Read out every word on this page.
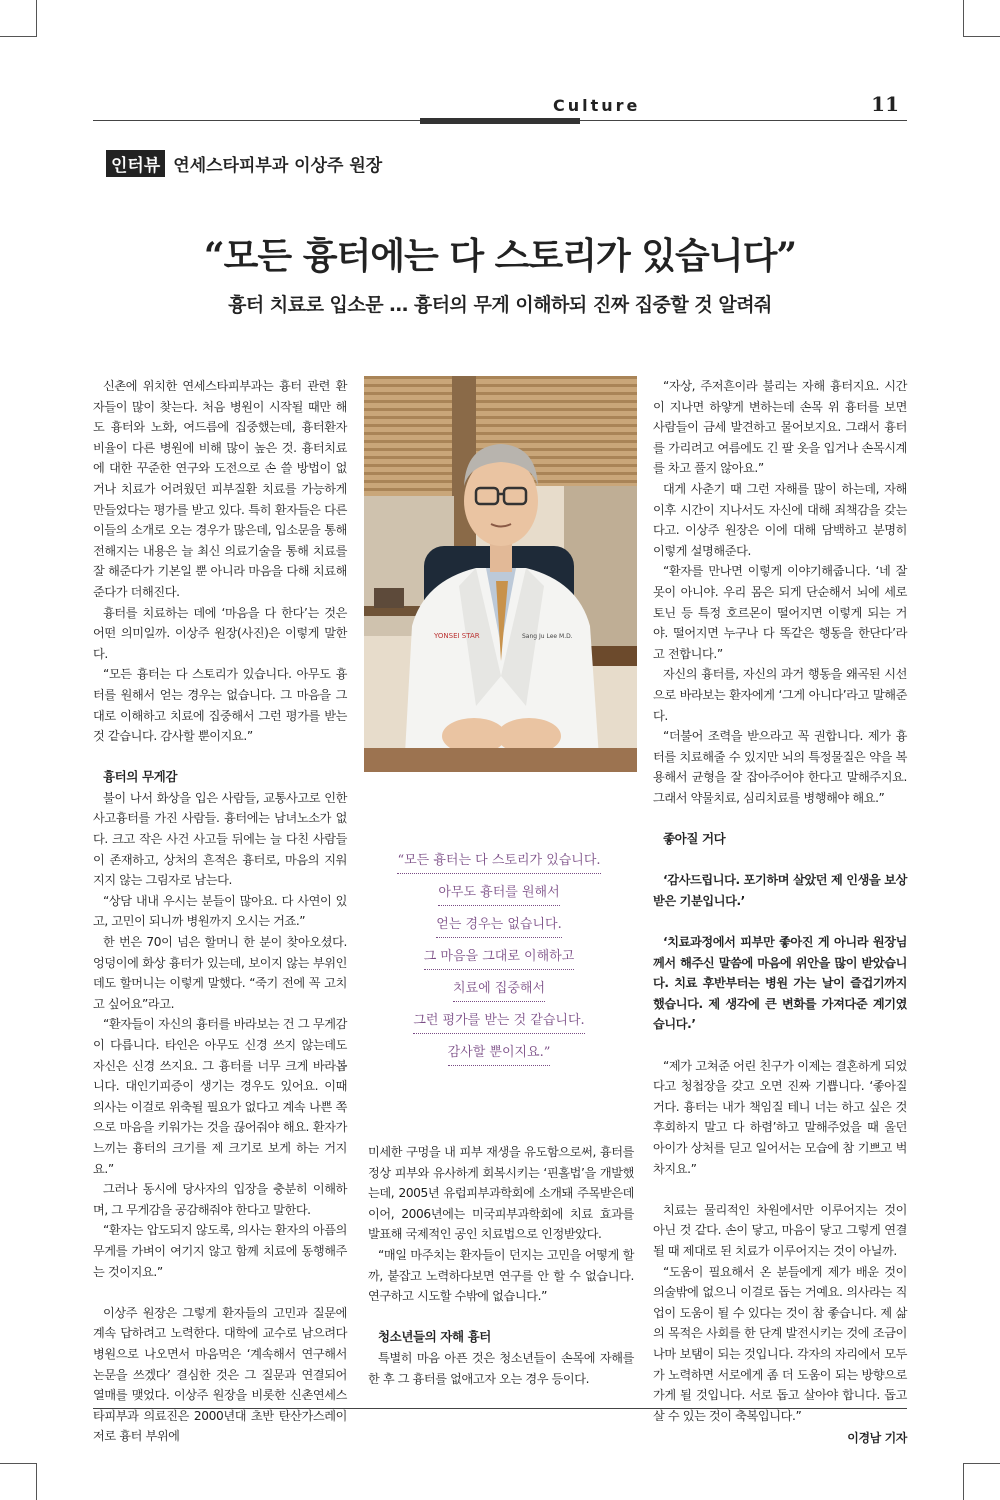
Culture	11
인터뷰 연세스타피부과 이상주 원장
“모든 흉터에는 다 스토리가 있습니다”
흉터 치료로 입소문 … 흉터의 무게 이해하되 진짜 집중할 것 알려줘

신촌에 위치한 연세스타피부과는 흉터 관련 환자들이 많이 찾는다. 처음 병원이 시작될 때만 해도 흉터와 노화, 여드름에 집중했는데, 흉터환자 비율이 다른 병원에 비해 많이 높은 것. 흉터치료에 대한 꾸준한 연구와 도전으로 손 쓸 방법이 없거나 치료가 어려웠던 피부질환 치료를 가능하게 만들었다는 평가를 받고 있다. 특히 환자들은 다른 이들의 소개로 오는 경우가 많은데, 입소문을 통해 전해지는 내용은 늘 최신 의료기술을 통해 치료를 잘 해준다가 기본일 뿐 아니라 마음을 다해 치료해 준다가 더해진다.

흉터를 치료하는 데에 ‘마음을 다 한다’는 것은 어떤 의미일까. 이상주 원장(사진)은 이렇게 말한다.

“모든 흉터는 다 스토리가 있습니다. 아무도 흉터를 원해서 얻는 경우는 없습니다. 그 마음을 그대로 이해하고 치료에 집중해서 그런 평가를 받는 것 같습니다. 감사할 뿐이지요.”

흉터의 무게감

불이 나서 화상을 입은 사람들, 교통사고로 인한 사고흉터를 가진 사람들. 흉터에는 남녀노소가 없다. 크고 작은 사건 사고들 뒤에는 늘 다친 사람들이 존재하고, 상처의 흔적은 흉터로, 마음의 지워지지 않는 그림자로 남는다.

“상담 내내 우시는 분들이 많아요. 다 사연이 있고, 고민이 되니까 병원까지 오시는 거죠.”

한 번은 70이 넘은 할머니 한 분이 찾아오셨다. 엉덩이에 화상 흉터가 있는데, 보이지 않는 부위인데도 할머니는 이렇게 말했다. “죽기 전에 꼭 고치고 싶어요”라고.

“환자들이 자신의 흉터를 바라보는 건 그 무게감이 다릅니다. 타인은 아무도 신경 쓰지 않는데도 자신은 신경 쓰지요. 그 흉터를 너무 크게 바라봅니다. 대인기피증이 생기는 경우도 있어요. 이때 의사는 이걸로 위축될 필요가 없다고 계속 나쁜 쪽으로 마음을 키워가는 것을 끊어줘야 해요. 환자가 느끼는 흉터의 크기를 제 크기로 보게 하는 거지요.”

그러나 동시에 당사자의 입장을 충분히 이해하며, 그 무게감을 공감해줘야 한다고 말한다.

“환자는 압도되지 않도록, 의사는 환자의 아픔의 무게를 가벼이 여기지 않고 함께 치료에 동행해주는 것이지요.”

이상주 원장은 그렇게 환자들의 고민과 질문에 계속 답하려고 노력한다. 대학에 교수로 남으려다 병원으로 나오면서 마음먹은 ‘계속해서 연구해서 논문을 쓰겠다’ 결심한 것은 그 질문과 연결되어 열매를 맺었다. 이상주 원장을 비롯한 신촌연세스타피부과 의료진은 2000년대 초반 탄산가스레이저로 흉터 부위에

YONSEI STAR	Sang Ju Lee M.D.
“모든 흉터는 다 스토리가 있습니다.
아무도 흉터를 원해서
얻는 경우는 없습니다.
그 마음을 그대로 이해하고
치료에 집중해서
그런 평가를 받는 것 같습니다.
감사할 뿐이지요.”

미세한 구멍을 내 피부 재생을 유도함으로써, 흉터를 정상 피부와 유사하게 회복시키는 ‘핀홀법’을 개발했는데, 2005년 유럽피부과학회에 소개돼 주목받은데 이어, 2006년에는 미국피부과학회에 치료 효과를 발표해 국제적인 공인 치료법으로 인정받았다.

“매일 마주치는 환자들이 던지는 고민을 어떻게 할까, 붙잡고 노력하다보면 연구를 안 할 수 없습니다. 연구하고 시도할 수밖에 없습니다.”

청소년들의 자해 흉터

특별히 마음 아픈 것은 청소년들이 손목에 자해를 한 후 그 흉터를 없애고자 오는 경우 등이다.

“자상, 주저흔이라 불리는 자해 흉터지요. 시간이 지나면 하얗게 변하는데 손목 위 흉터를 보면 사람들이 금세 발견하고 물어보지요. 그래서 흉터를 가리려고 여름에도 긴 팔 옷을 입거나 손목시계를 차고 풀지 않아요.”

대게 사춘기 때 그런 자해를 많이 하는데, 자해 이후 시간이 지나서도 자신에 대해 죄책감을 갖는다고. 이상주 원장은 이에 대해 담백하고 분명히 이렇게 설명해준다.

“환자를 만나면 이렇게 이야기해줍니다. ‘네 잘못이 아니야. 우리 몸은 되게 단순해서 뇌에 세로토닌 등 특정 호르몬이 떨어지면 이렇게 되는 거야. 떨어지면 누구나 다 똑같은 행동을 한단다’라고 전합니다.”

자신의 흉터를, 자신의 과거 행동을 왜곡된 시선으로 바라보는 환자에게 ‘그게 아니다’라고 말해준다.

“더불어 조력을 받으라고 꼭 권합니다. 제가 흉터를 치료해줄 수 있지만 뇌의 특정물질은 약을 복용해서 균형을 잘 잡아주어야 한다고 말해주지요. 그래서 약물치료, 심리치료를 병행해야 해요.”

좋아질 거다

‘감사드립니다. 포기하며 살았던 제 인생을 보상받은 기분입니다.’

‘치료과정에서 피부만 좋아진 게 아니라 원장님께서 해주신 말씀에 마음에 위안을 많이 받았습니다. 치료 후반부터는 병원 가는 날이 즐겁기까지 했습니다. 제 생각에 큰 변화를 가져다준 계기였습니다.’

“제가 고쳐준 어린 친구가 이제는 결혼하게 되었다고 청첩장을 갖고 오면 진짜 기쁩니다. ‘좋아질 거다. 흉터는 내가 책임질 테니 너는 하고 싶은 것 후회하지 말고 다 하렴’하고 말해주었을 때 울던 아이가 상처를 딛고 일어서는 모습에 참 기쁘고 벅차지요.”

치료는 물리적인 차원에서만 이루어지는 것이 아닌 것 같다. 손이 닿고, 마음이 닿고 그렇게 연결될 때 제대로 된 치료가 이루어지는 것이 아닐까.

“도움이 필요해서 온 분들에게 제가 배운 것이 의술밖에 없으니 이걸로 돕는 거예요. 의사라는 직업이 도움이 될 수 있다는 것이 참 좋습니다. 제 삶의 목적은 사회를 한 단계 발전시키는 것에 조금이나마 보탬이 되는 것입니다. 각자의 자리에서 모두가 노력하면 서로에게 좀 더 도움이 되는 방향으로 가게 될 것입니다. 서로 돕고 살아야 합니다. 돕고 살 수 있는 것이 축복입니다.”

이경남 기자
